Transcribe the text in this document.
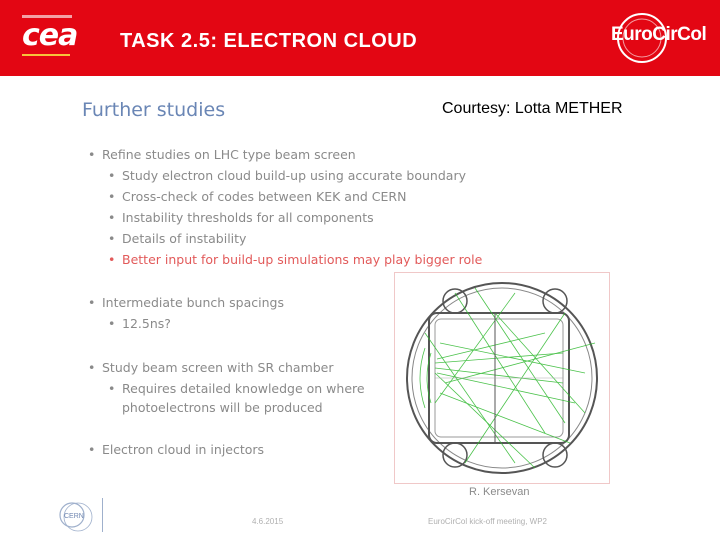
cea TASK 2.5: ELECTRON CLOUD	EuroCirCol
Courtesy: Lotta METHER
Further studies
• Refine studies on LHC type beam screen
• Study electron cloud build-up using accurate boundary
• Cross-check of codes between KEK and CERN
• Instability thresholds for all components
• Details of instability
• Better input for build-up simulations may play bigger role
• Intermediate bunch spacings
• 12.5ns?
• Study beam screen with SR chamber
• Requires detailed knowledge on where
photoelectrons will be produced
• Electron cloud in injectors
R. Kersevan
CERN
4.6.2015	EuroCirCol kick-off meeting, WP2
